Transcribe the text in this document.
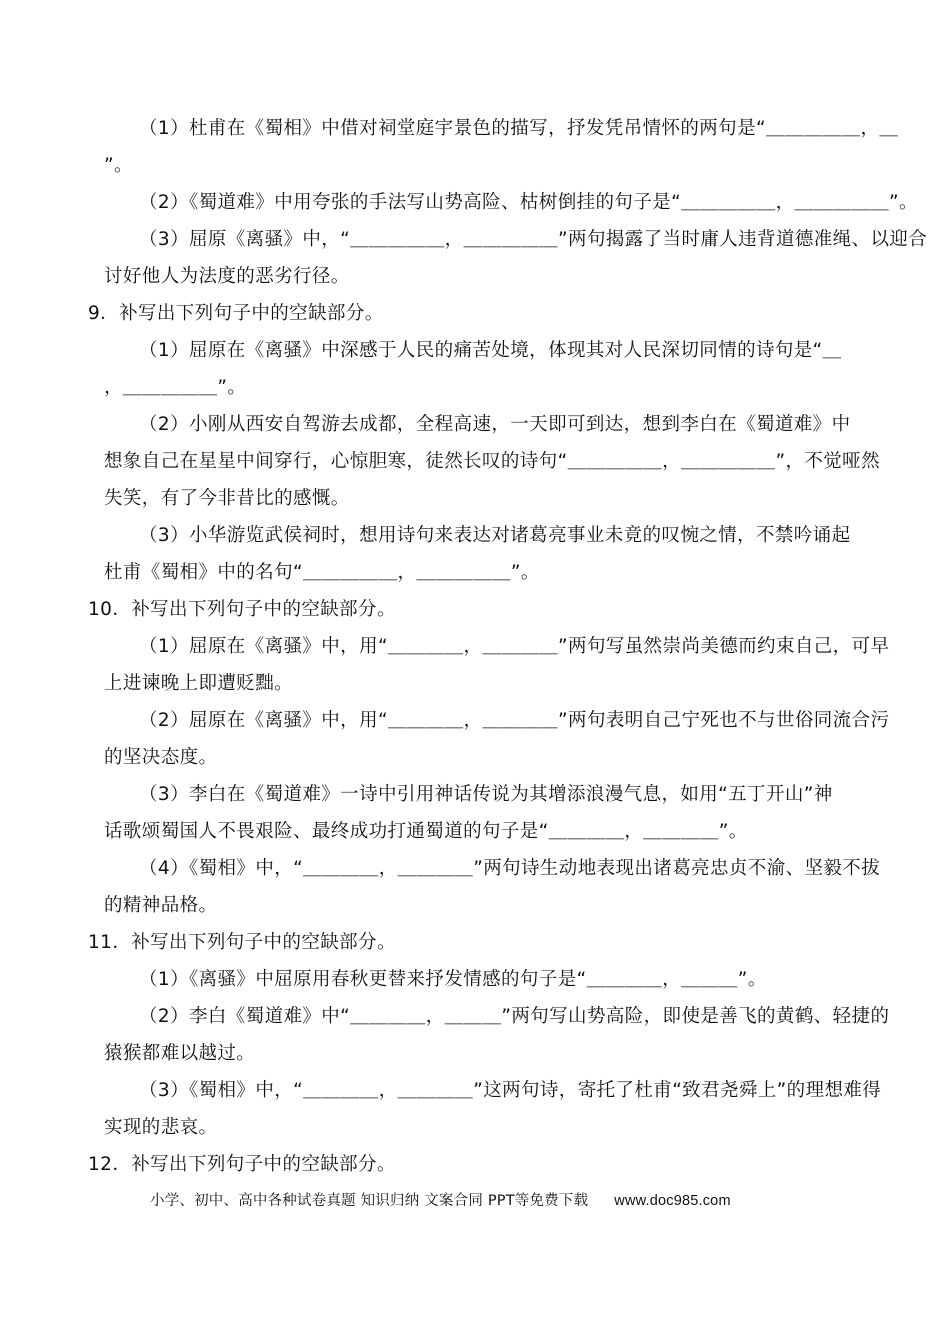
（1）杜甫在《蜀相》中借对祠堂庭宇景色的描写，抒发凭吊情怀的两句是“＿＿＿＿＿，＿
”。
（2）《蜀道难》中用夸张的手法写山势高险、枯树倒挂的句子是“＿＿＿＿＿，＿＿＿＿＿”。
（3）屈原《离骚》中，“＿＿＿＿＿，＿＿＿＿＿”两句揭露了当时庸人违背道德准绳、以迎合
讨好他人为法度的恶劣行径。
9．补写出下列句子中的空缺部分。
（1）屈原在《离骚》中深感于人民的痛苦处境，体现其对人民深切同情的诗句是“＿
，＿＿＿＿＿”。
（2）小刚从西安自驾游去成都，全程高速，一天即可到达，想到李白在《蜀道难》中
想象自己在星星中间穿行，心惊胆寒，徒然长叹的诗句“＿＿＿＿＿，＿＿＿＿＿”，不觉哑然
失笑，有了今非昔比的感慨。
（3）小华游览武侯祠时，想用诗句来表达对诸葛亮事业未竟的叹惋之情，不禁吟诵起
杜甫《蜀相》中的名句“＿＿＿＿＿，＿＿＿＿＿”。
10．补写出下列句子中的空缺部分。
（1）屈原在《离骚》中，用“＿＿＿＿，＿＿＿＿”两句写虽然崇尚美德而约束自己，可早
上进谏晚上即遭贬黜。
（2）屈原在《离骚》中，用“＿＿＿＿，＿＿＿＿”两句表明自己宁死也不与世俗同流合污
的坚决态度。
（3）李白在《蜀道难》一诗中引用神话传说为其增添浪漫气息，如用“五丁开山”神
话歌颂蜀国人不畏艰险、最终成功打通蜀道的句子是“＿＿＿＿，＿＿＿＿”。
（4）《蜀相》中，“＿＿＿＿，＿＿＿＿”两句诗生动地表现出诸葛亮忠贞不渝、坚毅不拔
的精神品格。
11．补写出下列句子中的空缺部分。
（1）《离骚》中屈原用春秋更替来抒发情感的句子是“＿＿＿＿，＿＿＿”。
（2）李白《蜀道难》中“＿＿＿＿，＿＿＿”两句写山势高险，即使是善飞的黄鹤、轻捷的
猿猴都难以越过。
（3）《蜀相》中，“＿＿＿＿，＿＿＿＿”这两句诗，寄托了杜甫“致君尧舜上”的理想难得
实现的悲哀。
12．补写出下列句子中的空缺部分。
小学、初中、高中各种试卷真题 知识归纳 文案合同 PPT等免费下载 www.doc985.com
